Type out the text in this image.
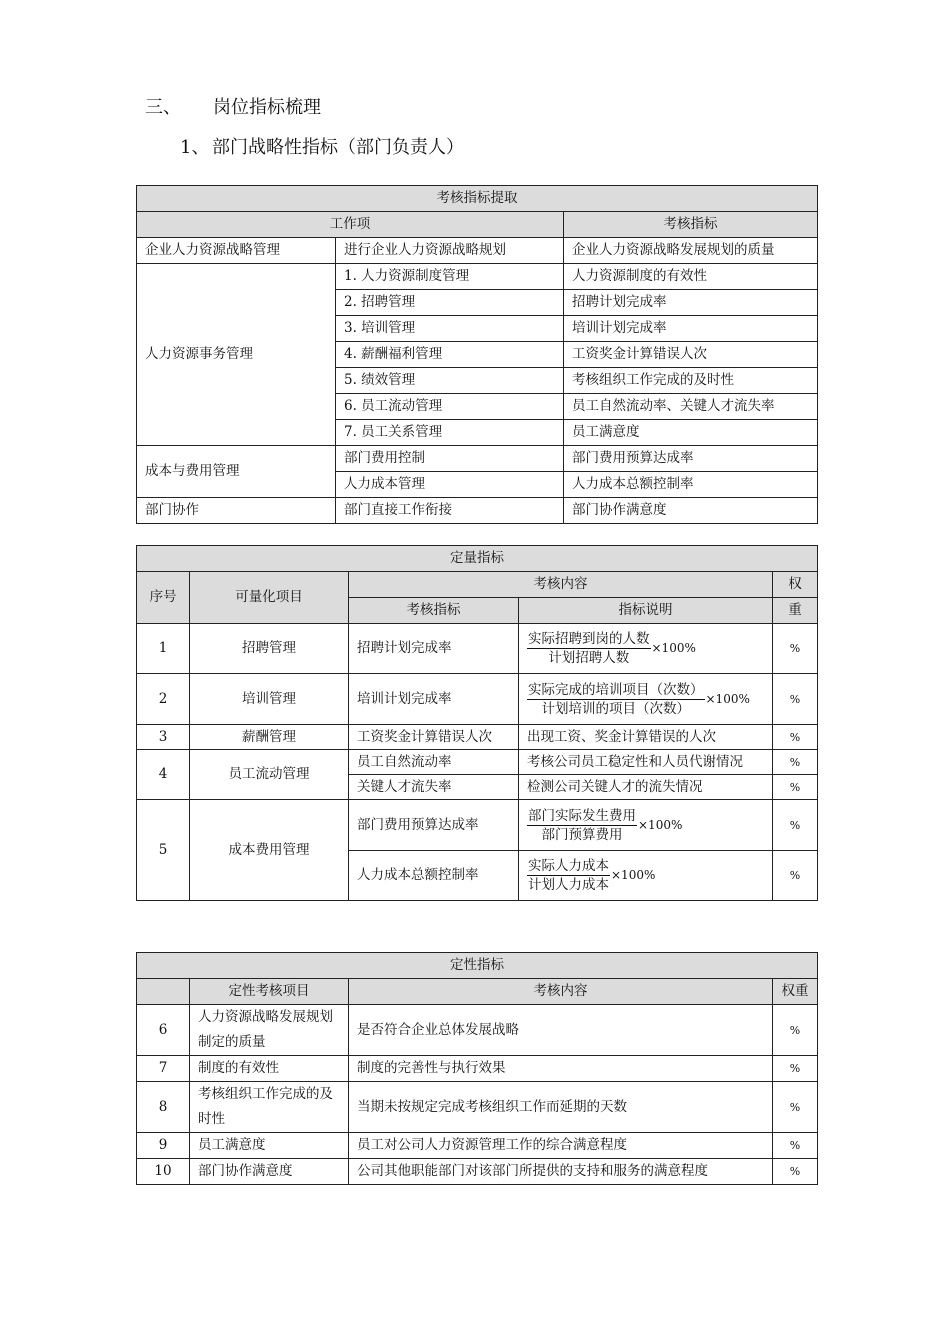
三、 岗位指标梳理
1、 部门战略性指标（部门负责人）
考核指标提取		
工作项		考核指标
企业人力资源战略管理	进行企业人力资源战略规划	企业人力资源战略发展规划的质量
人力资源事务管理	1. 人力资源制度管理	人力资源制度的有效性
	2. 招聘管理	招聘计划完成率
	3. 培训管理	培训计划完成率
	4. 薪酬福利管理	工资奖金计算错误人次
	5. 绩效管理	考核组织工作完成的及时性
	6. 员工流动管理	员工自然流动率、关键人才流失率
	7. 员工关系管理	员工满意度
成本与费用管理	部门费用控制	部门费用预算达成率
	人力成本管理	人力成本总额控制率
部门协作	部门直接工作衔接	部门协作满意度
定量指标				
序号	可量化项目	考核内容		权
		考核指标	指标说明	重
1	招聘管理	招聘计划完成率	$\frac{\text{实际招聘到岗的人数}}{\text{计划招聘人数}} \times 100\%$	%
2	培训管理	培训计划完成率	$\frac{\text{实际完成的培训项目（次数）}}{\text{计划培训的项目（次数）}} \times 100\%$	%
3	薪酬管理	工资奖金计算错误人次	出现工资、奖金计算错误的人次	%
4	员工流动管理	员工自然流动率	考核公司员工稳定性和人员代谢情况	%
		关键人才流失率	检测公司关键人才的流失情况	%
5	成本费用管理	部门费用预算达成率	$\frac{\text{部门实际发生费用}}{\text{部门预算费用}} \times 100\%$	%
		人力成本总额控制率	$\frac{\text{实际人力成本}}{\text{计划人力成本}} \times 100\%$	%
定性指标			
	定性考核项目	考核内容	权重
6	人力资源战略发展规划制定的质量	是否符合企业总体发展战略	%
7	制度的有效性	制度的完善性与执行效果	%
8	考核组织工作完成的及时性	当期未按规定完成考核组织工作而延期的天数	%
9	员工满意度	员工对公司人力资源管理工作的综合满意程度	%
10	部门协作满意度	公司其他职能部门对该部门所提供的支持和服务的满意程度	%
